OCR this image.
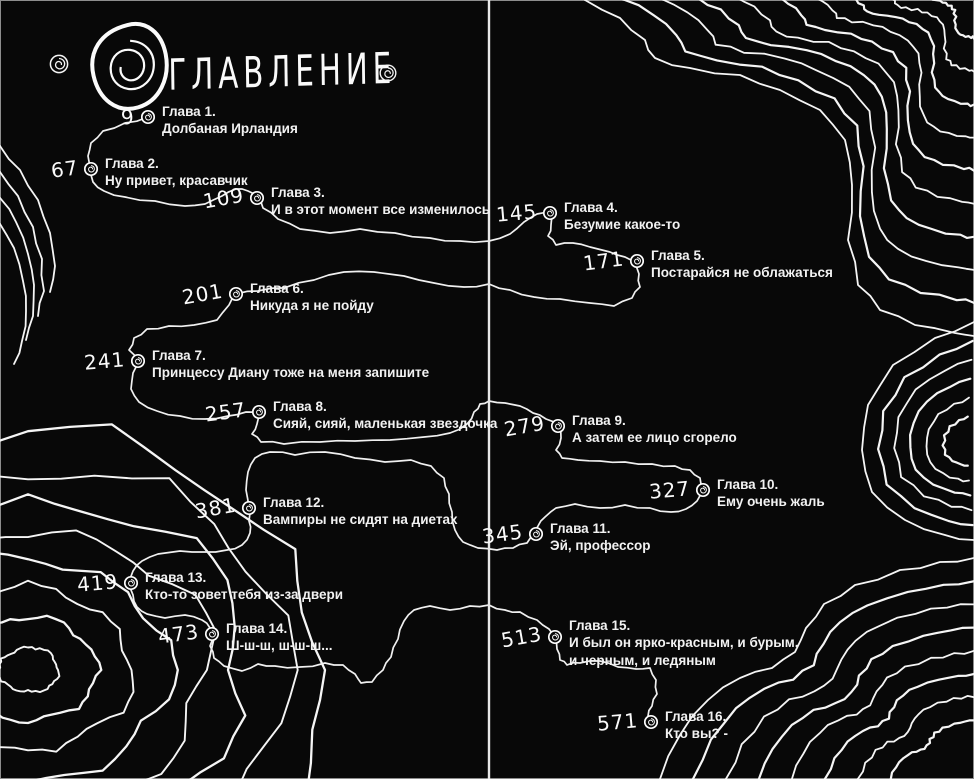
ГЛАВЛЕНИЕ
9 Глава 1.
Долбаная Ирландия
67 Глава 2.
Ну привет, красавчик
109 Глава 3.
И в этот момент все изменилось 145 Глава 4.
Безумие какое-то
171 Глава 5.
Постарайся не облажаться
201 Глава 6.
Никуда я не пойду
241 Глава 7.
Принцессу Диану тоже на меня запишите
257 Глава 8.
Сияй, сияй, маленькая звездочка 279 Глава 9.
А затем ее лицо сгорело
327 Глава 10.
Ему очень жаль
345 Глава 11.
Эй, профессор
381 Глава 12.
Вампиры не сидят на диетах
419 Глава 13.
Кто-то зовет тебя из-за двери
473 Глава 14.
Ш-ш-ш, ш-ш-ш...	513 Глава 15.
И был он ярко-красным, и бурым,
и черным, и ледяным
571 Глава 16.
Кто вы? -
